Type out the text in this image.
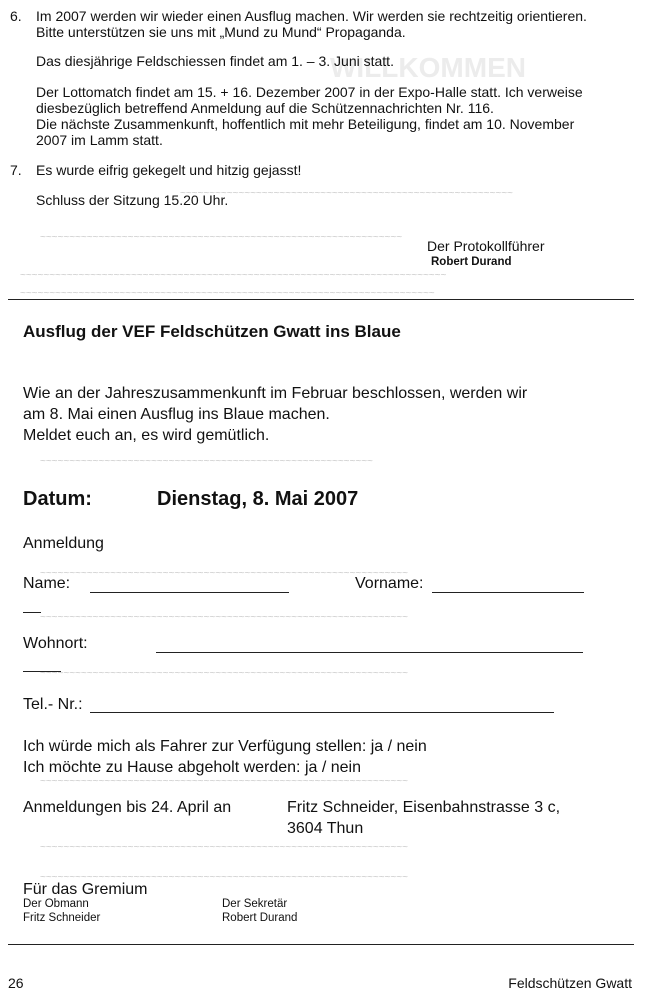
WILLKOMMEN
~~~~~~~~~~~~~~~~~~~~~~~~~~~~~~~~~~~~~~~~~~~~~~~~~~~~~~~~~
~~~~~~~~~~~~~~~~~~~~~~~~~~~~~~~~~~~~~~~~~~~~~~~~~~~~~~~~~~~~~~
~~~~~~~~~~~~~~~~~~~~~~~~~~~~~~~~~~~~~~~~~~~~~~~~~~~~~~~~~~~~~~~~~~~~~~~~~
~~~~~~~~~~~~~~~~~~~~~~~~~~~~~~~~~~~~~~~~~~~~~~~~~~~~~~~~~~~~~~~~~~~~~~~
~~~~~~~~~~~~~~~~~~~~~~~~~~~~~~~~~~~~~~~~~~~~~~~~~~~~~~~~~
~~~~~~~~~~~~~~~~~~~~~~~~~~~~~~~~~~~~~~~~~~~~~~~~~~~~~~~~~~~~~~~
~~~~~~~~~~~~~~~~~~~~~~~~~~~~~~~~~~~~~~~~~~~~~~~~~~~~~~~~~~~~~~~
~~~~~~~~~~~~~~~~~~~~~~~~~~~~~~~~~~~~~~~~~~~~~~~~~~~~~~~~~~~~~~~
~~~~~~~~~~~~~~~~~~~~~~~~~~~~~~~~~~~~~~~~~~~~~~~~~~~~~~~~~~~~~~~
~~~~~~~~~~~~~~~~~~~~~~~~~~~~~~~~~~~~~~~~~~~~~~~~~~~~~~~~~~~~~~~
~~~~~~~~~~~~~~~~~~~~~~~~~~~~~~~~~~~~~~~~~~~~~~~~~~~~~~~~~~~~~~~
6. Im 2007 werden wir wieder einen Ausflug machen. Wir werden sie rechtzeitig orientieren.
Bitte unterstützen sie uns mit „Mund zu Mund“ Propaganda.
Das diesjährige Feldschiessen findet am 1. – 3. Juni statt.
Der Lottomatch findet am 15. + 16. Dezember 2007 in der Expo-Halle statt. Ich verweise
diesbezüglich betreffend Anmeldung auf die Schützennachrichten Nr. 116.
Die nächste Zusammenkunft, hoffentlich mit mehr Beteiligung, findet am 10. November
2007 im Lamm statt.
7. Es wurde eifrig gekegelt und hitzig gejasst!
Schluss der Sitzung 15.20 Uhr.
Der Protokollführer
Robert Durand
Ausflug der VEF Feldschützen Gwatt ins Blaue
Wie an der Jahreszusammenkunft im Februar beschlossen, werden wir
am 8. Mai einen Ausflug ins Blaue machen.
Meldet euch an, es wird gemütlich.
Datum:	Dienstag, 8. Mai 2007
Anmeldung
Name:	Vorname:
Wohnort:
Tel.- Nr.:
Ich würde mich als Fahrer zur Verfügung stellen: ja / nein
Ich möchte zu Hause abgeholt werden: ja / nein
Anmeldungen bis 24. April an	Fritz Schneider, Eisenbahnstrasse 3 c,
3604 Thun
Für das Gremium
Der Obmann
Fritz Schneider
Der Sekretär
Robert Durand
26	Feldschützen Gwatt
